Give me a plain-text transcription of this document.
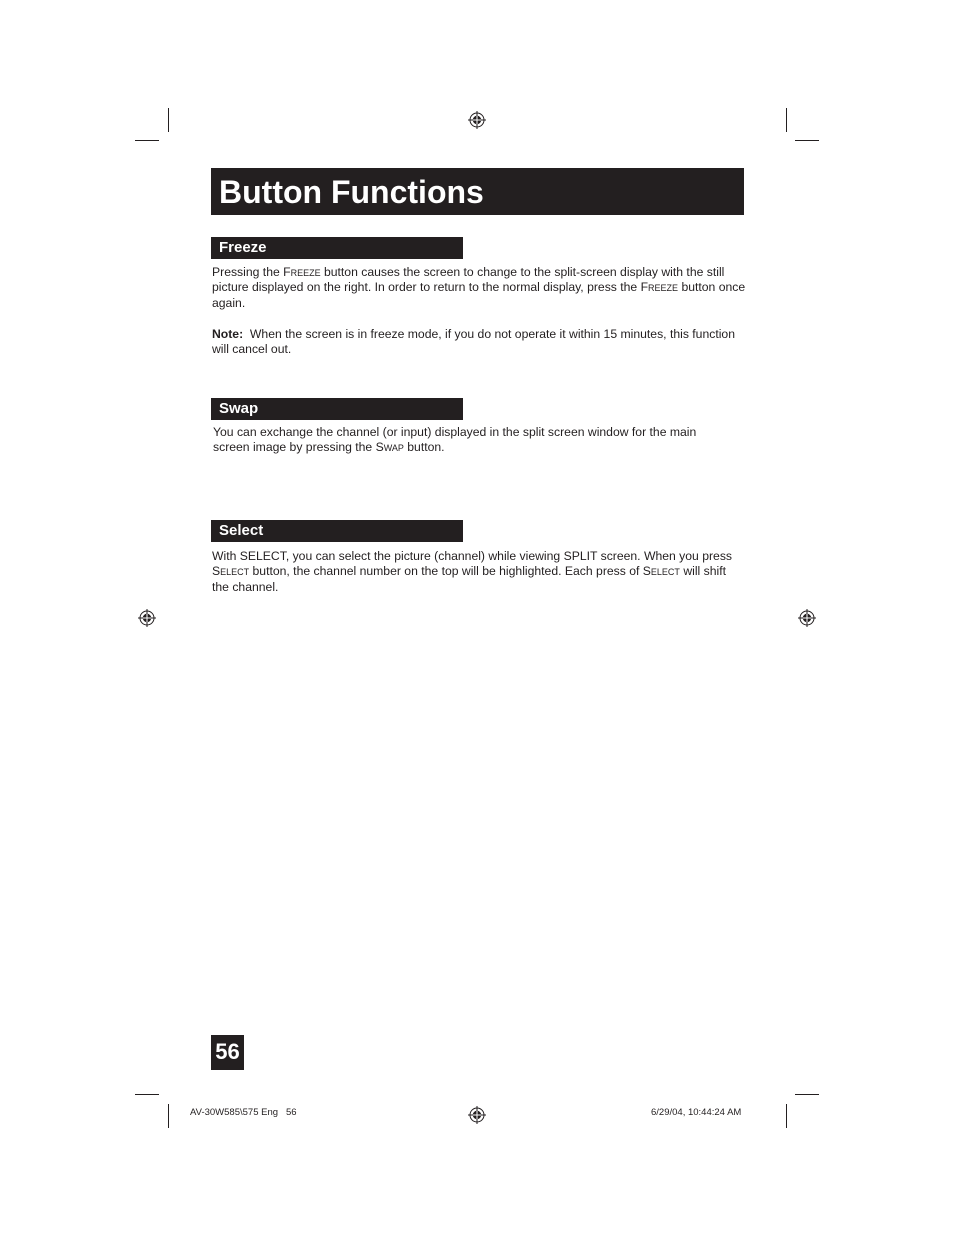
Button Functions
Freeze

Pressing the Freeze button causes the screen to change to the split-screen display with the still picture displayed on the right. In order to return to the normal display, press the Freeze button once again.

Note:  When the screen is in freeze mode, if you do not operate it within 15 minutes, this function will cancel out.

Swap

You can exchange the channel (or input) displayed in the split screen window for the main screen image by pressing the Swap button.

Select

With SELECT, you can select the picture (channel) while viewing SPLIT screen. When you press Select button, the channel number on the top will be highlighted. Each press of Select will shift the channel.

56
AV-30W585\575 Eng   56	6/29/04, 10:44:24 AM
